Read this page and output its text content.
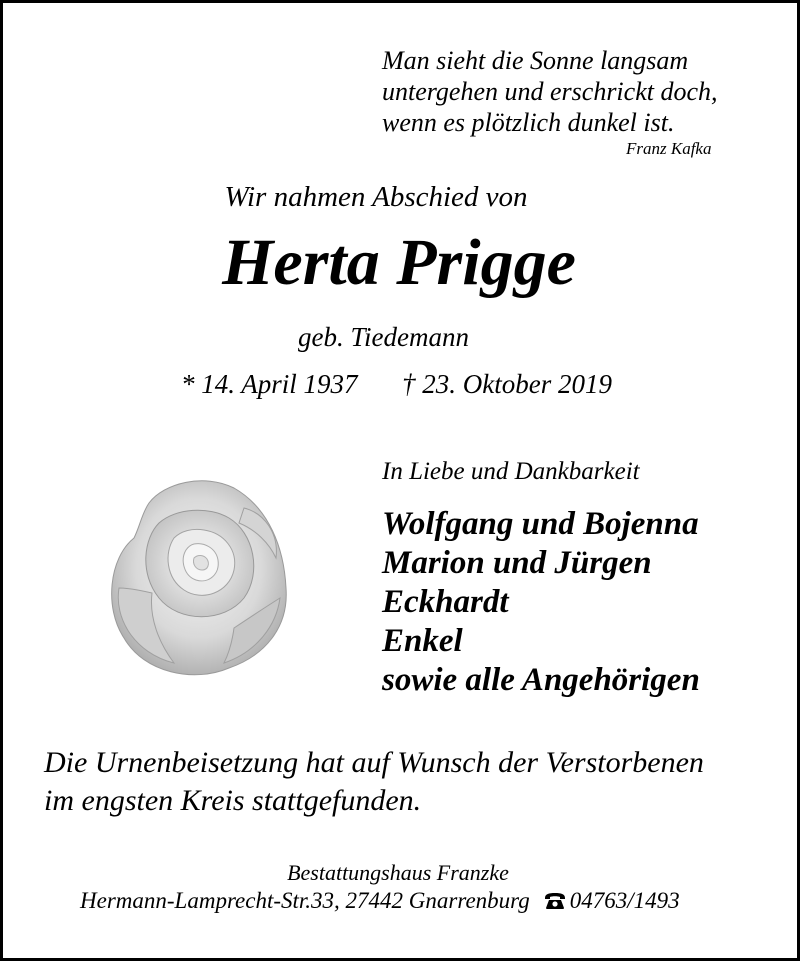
Man sieht die Sonne langsam
untergehen und erschrickt doch,
wenn es plötzlich dunkel ist.
Franz Kafka
Wir nahmen Abschied von
Herta Prigge
geb. Tiedemann
* 14. April 1937 † 23. Oktober 2019
In Liebe und Dankbarkeit
Wolfgang und Bojenna
Marion und Jürgen
Eckhardt
Enkel
sowie alle Angehörigen
Die Urnenbeisetzung hat auf Wunsch der Verstorbenen
im engsten Kreis stattgefunden.
Bestattungshaus Franzke
Hermann-Lamprecht-Str.33, 27442 Gnarrenburg 04763/1493
